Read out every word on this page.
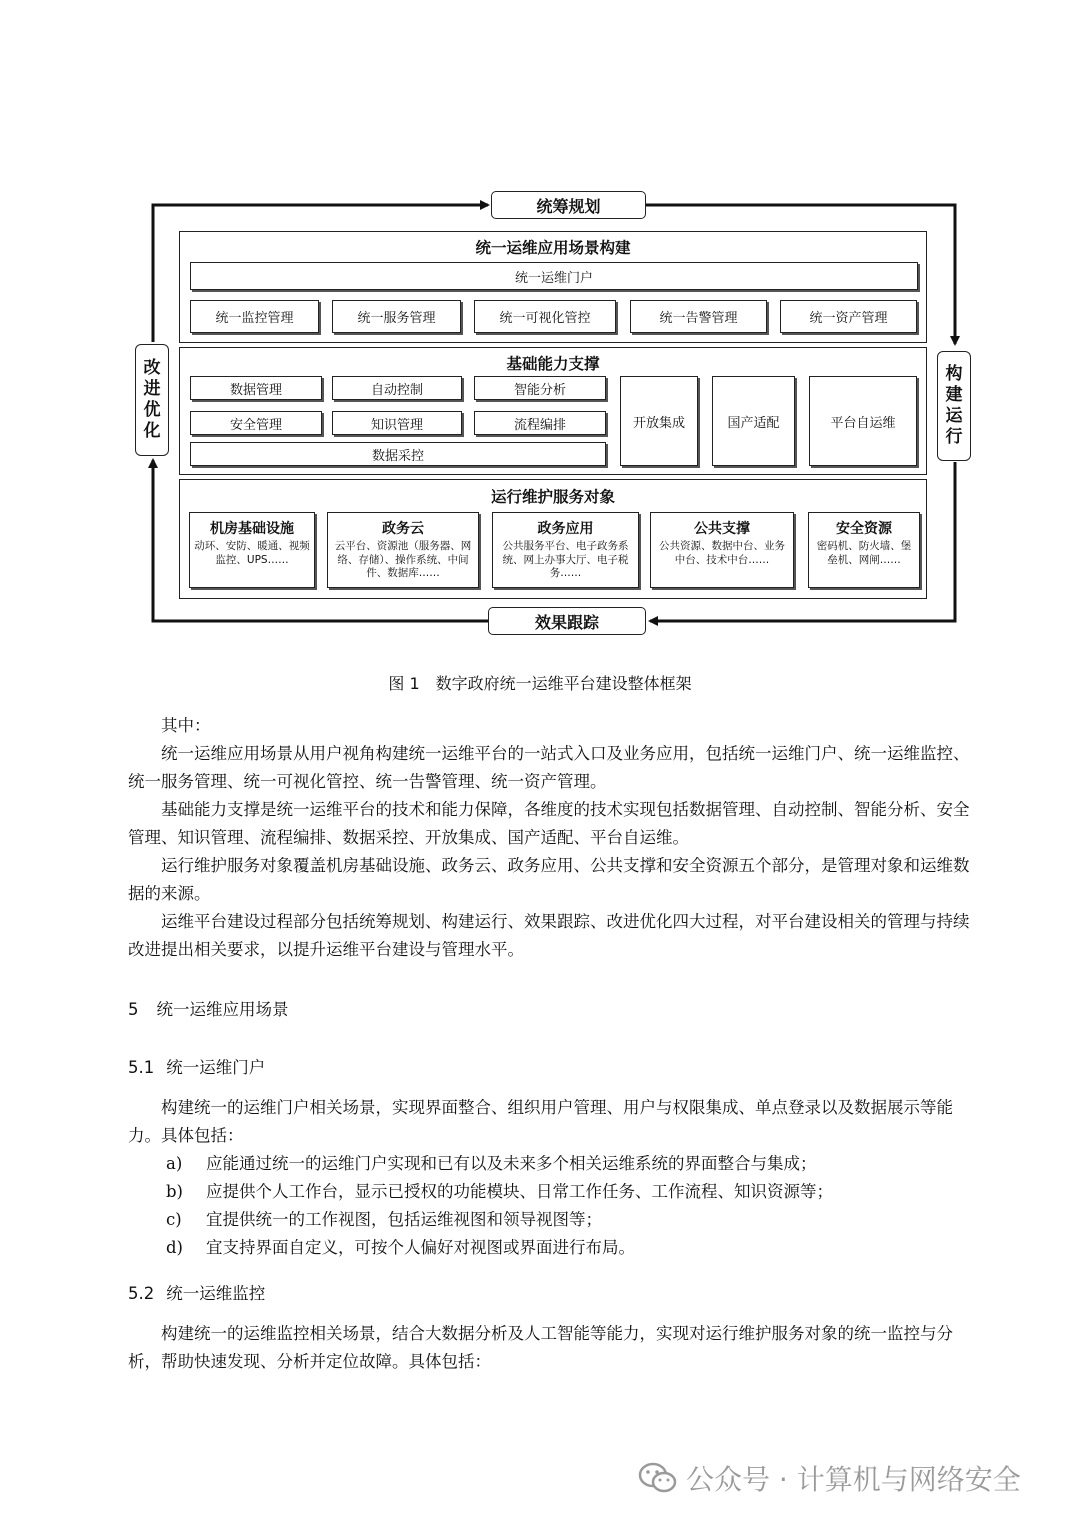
统筹规划
效果跟踪
改
进
优
化
构
建
运
行
统一运维应用场景构建
统一运维门户
统一监控管理	统一服务管理	统一可视化管控	统一告警管理	统一资产管理
基础能力支撑
数据管理	自动控制	智能分析
安全管理	知识管理	流程编排
数据采控
开放集成	国产适配	平台自运维
运行维护服务对象
机房基础设施
动环、安防、暖通、视频监控、UPS……
政务云
云平台、资源池（服务器、网络、存储）、操作系统、中间件、数据库……
政务应用
公共服务平台、电子政务系统、网上办事大厅、电子税务……
公共支撑
公共资源、数据中台、业务中台、技术中台……
安全资源
密码机、防火墙、堡垒机、网闸……
图 1　数字政府统一运维平台建设整体框架

其中：

统一运维应用场景从用户视角构建统一运维平台的一站式入口及业务应用，包括统一运维门户、统一运维监控、统一服务管理、统一可视化管控、统一告警管理、统一资产管理。

基础能力支撑是统一运维平台的技术和能力保障，各维度的技术实现包括数据管理、自动控制、智能分析、安全管理、知识管理、流程编排、数据采控、开放集成、国产适配、平台自运维。

运行维护服务对象覆盖机房基础设施、政务云、政务应用、公共支撑和安全资源五个部分，是管理对象和运维数据的来源。

运维平台建设过程部分包括统筹规划、构建运行、效果跟踪、改进优化四大过程，对平台建设相关的管理与持续改进提出相关要求，以提升运维平台建设与管理水平。

5 统一运维应用场景
5.1 统一运维门户

构建统一的运维门户相关场景，实现界面整合、组织用户管理、用户与权限集成、单点登录以及数据展示等能力。具体包括：

a)	应能通过统一的运维门户实现和已有以及未来多个相关运维系统的界面整合与集成；
b)	应提供个人工作台，显示已授权的功能模块、日常工作任务、工作流程、知识资源等；
c)	宜提供统一的工作视图，包括运维视图和领导视图等；
d)	宜支持界面自定义，可按个人偏好对视图或界面进行布局。
5.2 统一运维监控

构建统一的运维监控相关场景，结合大数据分析及人工智能等能力，实现对运行维护服务对象的统一监控与分析，帮助快速发现、分析并定位故障。具体包括：

公众号 · 计算机与网络安全
